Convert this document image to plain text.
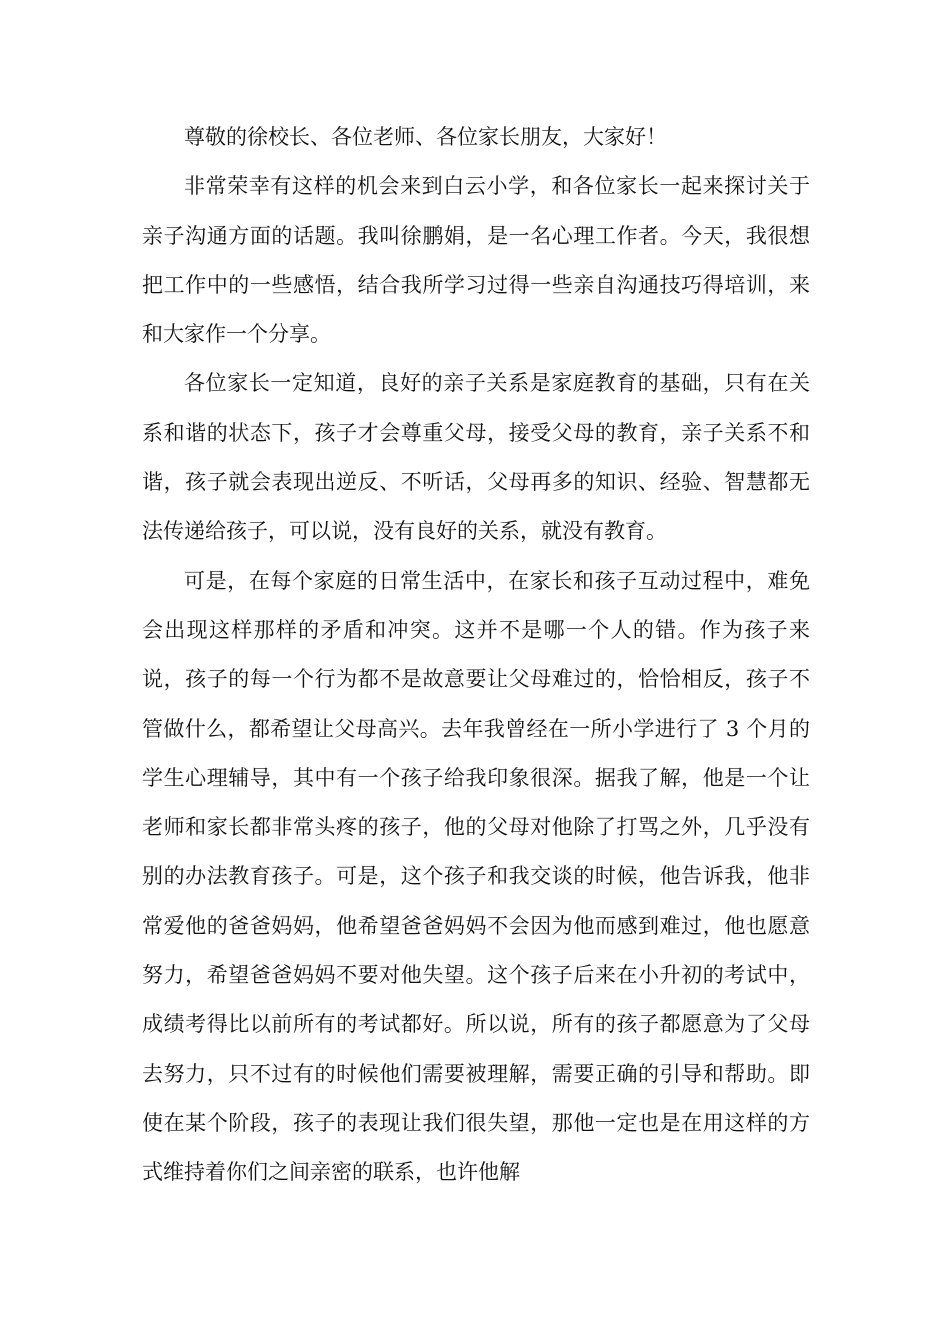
尊敬的徐校长、各位老师、各位家长朋友，大家好！

非常荣幸有这样的机会来到白云小学，和各位家长一起来探讨关于亲子沟通方面的话题。我叫徐鹏娟，是一名心理工作者。今天，我很想把工作中的一些感悟，结合我所学习过得一些亲自沟通技巧得培训，来和大家作一个分享。

各位家长一定知道，良好的亲子关系是家庭教育的基础，只有在关系和谐的状态下，孩子才会尊重父母，接受父母的教育，亲子关系不和谐，孩子就会表现出逆反、不听话，父母再多的知识、经验、智慧都无法传递给孩子，可以说，没有良好的关系，就没有教育。

可是，在每个家庭的日常生活中，在家长和孩子互动过程中，难免会出现这样那样的矛盾和冲突。这并不是哪一个人的错。作为孩子来说，孩子的每一个行为都不是故意要让父母难过的，恰恰相反，孩子不管做什么，都希望让父母高兴。去年我曾经在一所小学进行了 3 个月的学生心理辅导，其中有一个孩子给我印象很深。据我了解，他是一个让老师和家长都非常头疼的孩子，他的父母对他除了打骂之外，几乎没有别的办法教育孩子。可是，这个孩子和我交谈的时候，他告诉我，他非常爱他的爸爸妈妈，他希望爸爸妈妈不会因为他而感到难过，他也愿意努力，希望爸爸妈妈不要对他失望。这个孩子后来在小升初的考试中，成绩考得比以前所有的考试都好。所以说，所有的孩子都愿意为了父母去努力，只不过有的时候他们需要被理解，需要正确的引导和帮助。即使在某个阶段，孩子的表现让我们很失望，那他一定也是在用这样的方式维持着你们之间亲密的联系，也许他解
